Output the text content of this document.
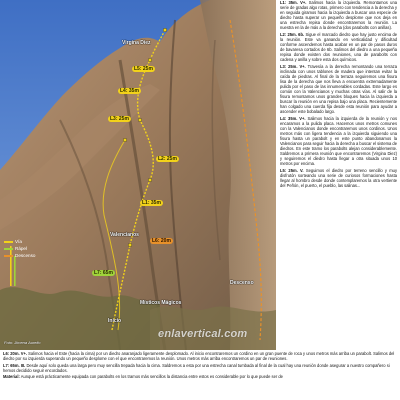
Virgina Diez
L5: 25m
L4: 35m
L3: 25m
L2: 25m
L1: 35m
L6: 20m
L7: 65m
Valencianos
Místicos Mágicos
Descenso
Inicio
Vía
Rápel
Descenso
Foto: Jimena Aurelio
enlavertical.com

L1: 35m. V+. Salimos hacia la izquierda. Remontamos una serie de gradas algo rotas, primero con tendencia a la derecha y en seguida giramos hacia la izquierda a buscar una especie de diedro hasta superar un pequeño desplome que nos deja en una estrecha repisa donde encontraremos la reunión. La nuestra en la de más a la derecha (dos parabolts con anillas).

L2: 25m. 6b. Sigue el marcado diedro que hay justo encima de la reunión. Este va ganando en verticalidad y dificultad conforme ascendemos hasta acabar en un par de pasos duros de bavaresa cortados de 6b. Salimos del diedro a una pequeña repisa donde existen dos reuniones, una de parabolts con cadena y anilla y sobre esta dos químicos.

L3: 25m. V+. Travesía a la derecha remontando una terraza inclinada con unos tablones de madera que intentan evitar la caída de piedras. Al final de la terraza seguiremos una fisura lisa de la derecha que nos lleva a encuentra extremadamente pulida por el paso de las innumerables cordadas. Este largo es común con la Valencianos y muchas otras vías. Al salir de la fisura remontamos unos grandes bloques hacia la izquierda a buscar la reunión en una repisa bajo una placa. Recientemente han colgado una cuerda fija desde esta reunión para ayudar a ascender este bobalado largo.

L4: 35m. V+. Salimos hacia la izquierda de la reunión y nos encaramos a la pulida placa. Hacemos unos metros comunes con la Valencianos donde encontraremos unos cordinos. Unos metros más con ligera tendencia a la izquierda siguiendo una fisura hasta un parabolt y en este punto abandonamos la Valencianos para seguir hacia la derecha a buscar el sistema de diedros. En este tramo los parabolts alejan considerablemente. Saldremos a primera reunión que encontraremos (Virgina Diez) y seguiremos el diedro hasta llegar a otra situada unos 10 metros por encima.

L5: 25m. V. Seguimos el diedro por terreno sencillo y muy disfrutón sorteando una serie de curiosos formaciones hasta llegar al hombro desde donde contemplaremos la otra vertiente del Peñón, el puerto, el pueblo, las salinas...

L6: 20m. V+. Salimos hacia el Este (hacia la cima) por un diedro anaranjado ligeramente desplomado. Al inicio encontraremos un cordino en un gran puente de roca y unos metros más arriba un parabolt. Salimos del diedro por su izquierda superando un pequeño desplome con el que encontraremos la reunión. Unos metros más arriba encontraremos un par de reuniones.

L7: 65m. III. Desde aquí solo queda una larga pero muy sencilla trepada hacia la cima. Saldremos a esta por una estrecha canal tumbada al final de la cual hay una reunión donde asegurar a nuestro compañero si hemos decidido seguir encordados.

Material: Aunque está prácticamente equipada con parabolts en los tramos más sencillos la distancia entre estos es considerable por lo que puede ser de
